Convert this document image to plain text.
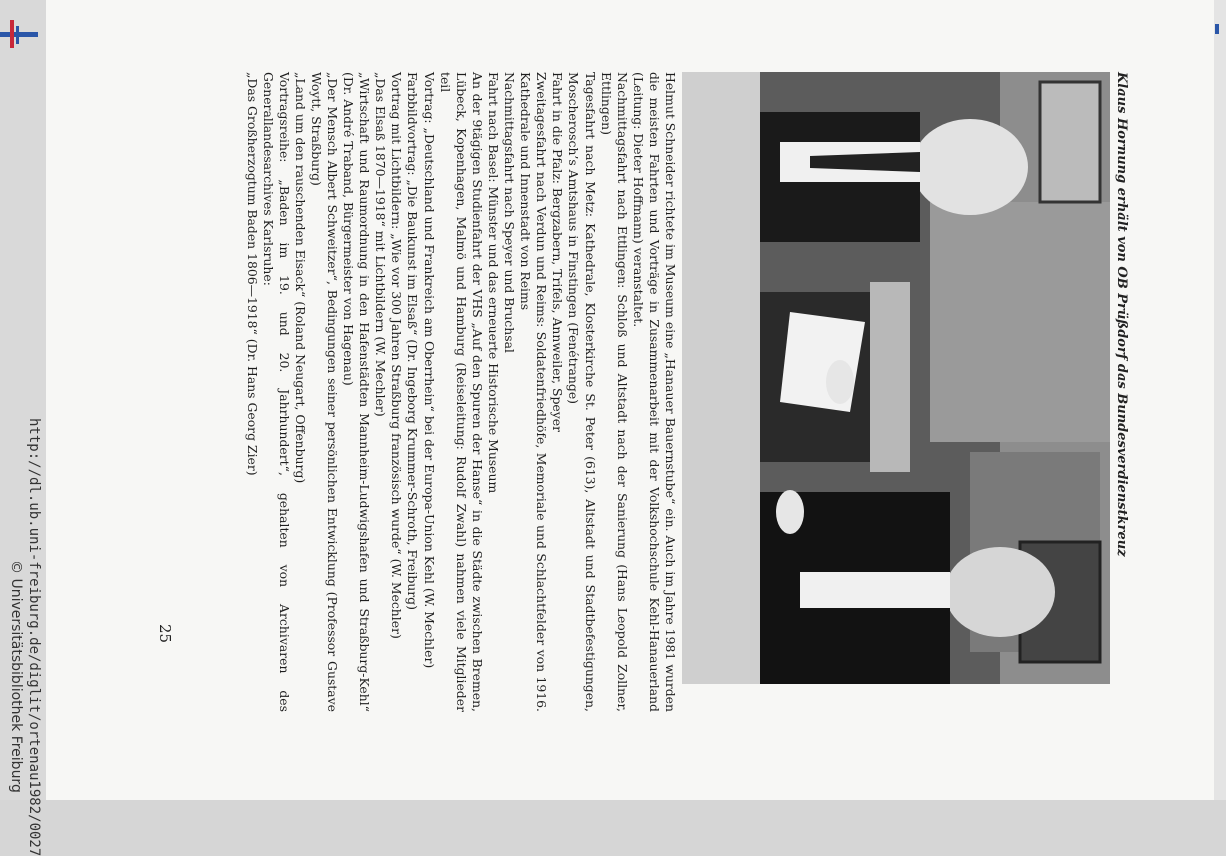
Klaus Hornung erhält von OB Prüßdorf das Bundesverdienstkreuz

Helmut Schneider richtete im Museum eine „Hanauer Bauernstube“ ein. Auch im Jahre 1981 wurden die meisten Fahrten und Vorträge in Zusammenarbeit mit der Volkshochschule Kehl-Hanauerland (Leitung: Dieter Hoffmann) veranstaltet.

Nachmittagsfahrt nach Ettlingen: Schloß und Altstadt nach der Sanierung (Hans Leopold Zollner, Ettlingen)

Tagesfahrt nach Metz: Kathedrale, Klosterkirche St. Peter (613), Altstadt und Stadtbefestigungen, Moscherosch’s Amtshaus in Finstingen (Fenétrange)

Fahrt in die Pfalz: Bergzabern, Trifels, Annweiler, Speyer

Zweitagesfahrt nach Verdun und Reims: Soldatenfriedhöfe, Memoriale und Schlachtfelder von 1916. Kathedrale und Innenstadt von Reims

Nachmittagsfahrt nach Speyer und Bruchsal

Fahrt nach Basel: Münster und das erneuerte Historische Museum

An der 9tägigen Studienfahrt der VHS „Auf den Spuren der Hanse“ in die Städte zwischen Bremen, Lübeck, Kopenhagen, Malmö und Hamburg (Reiseleitung: Rudolf Zwahl) nahmen viele Mitglieder teil

Vortrag: „Deutschland und Frankreich am Oberrhein“ bei der Europa-Union Kehl (W. Mechler)

Farbbildvortrag: „Die Baukunst im Elsaß“ (Dr. Ingeborg Krummer-Schroth, Freiburg)

Vortrag mit Lichtbildern: „Wie vor 300 Jahren Straßburg französisch wurde“ (W. Mechler)

„Das Elsaß 1870—1918“ mit Lichtbildern (W. Mechler)

„Wirtschaft und Raumordnung in den Hafenstädten Mannheim-Ludwigshafen und Straßburg-Kehl“ (Dr. André Traband, Bürgermeister von Hagenau)

„Der Mensch Albert Schweitzer“, Bedingungen seiner persönlichen Entwicklung (Professor Gustave Woytt, Straßburg)

„Land um den rauschenden Eisack“ (Roland Neugart, Offenburg)

Vortragsreihe: „Baden im 19. und 20. Jahrhundert“, gehalten von Archivaren des Generallandesarchives Karlsruhe:

„Das Großherzogtum Baden 1806—1918“ (Dr. Hans Georg Zier)

25
http://dl.ub.uni-freiburg.de/diglit/ortenau1982/0027
© Universitätsbibliothek Freiburg
